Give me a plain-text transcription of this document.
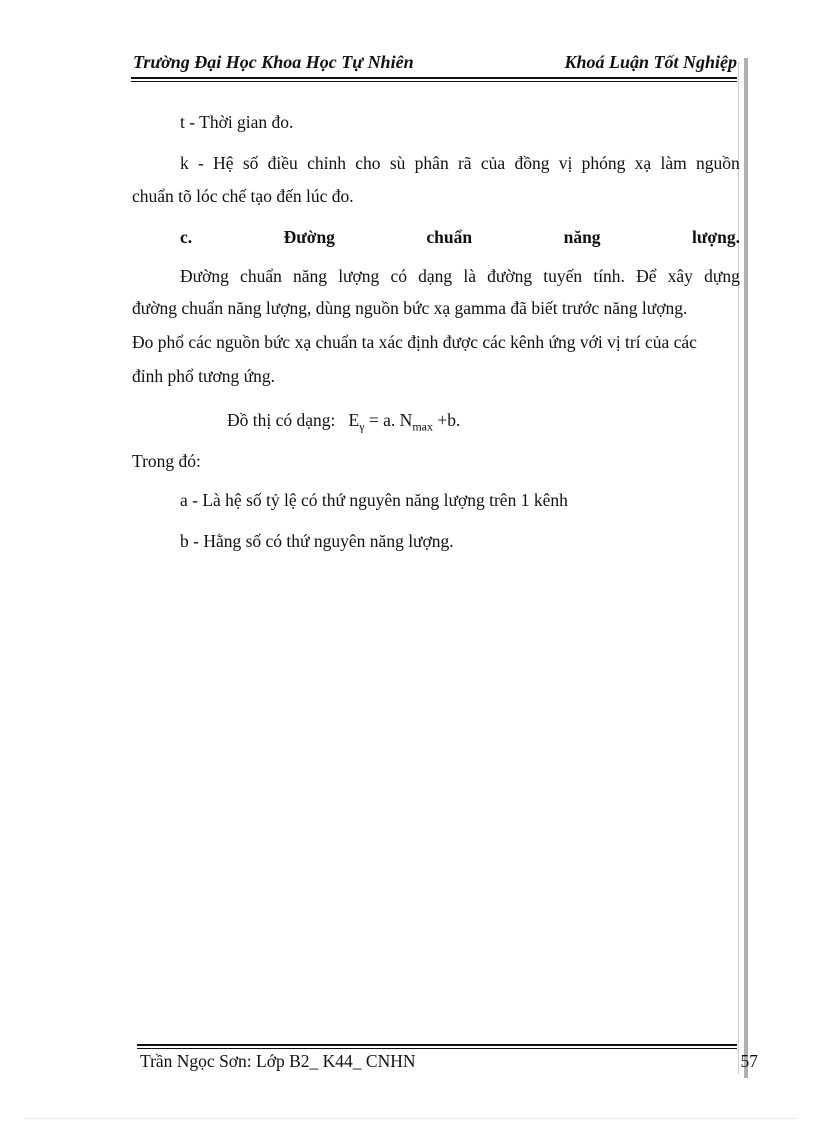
Trường Đại Học Khoa Học Tự Nhiên	Khoá Luận Tốt Nghiệp
t - Thời gian đo.
k - Hệ số điều chỉnh cho sù phân rã của đồng vị phóng xạ làm nguồn
chuẩn tõ lóc chế tạo đến lúc đo.
c.	Đường	chuẩn	năng	lượng.
Đường chuẩn năng lượng có dạng là đường tuyến tính. Để xây dựng
đường chuẩn năng lượng, dùng nguồn bức xạ gamma đã biết trước năng lượng.
Đo phổ các nguồn bức xạ chuẩn ta xác định được các kênh ứng với vị trí của các
đỉnh phổ tương ứng.
Đồ thị có dạng: $E_\gamma = a$. $N_{max} +b$.
Trong đó:
a - Là hệ số tỷ lệ có thứ nguyên năng lượng trên 1 kênh
b - Hằng số có thứ nguyên năng lượng.
Trần Ngọc Sơn: Lớp B2_ K44_ CNHN	57
